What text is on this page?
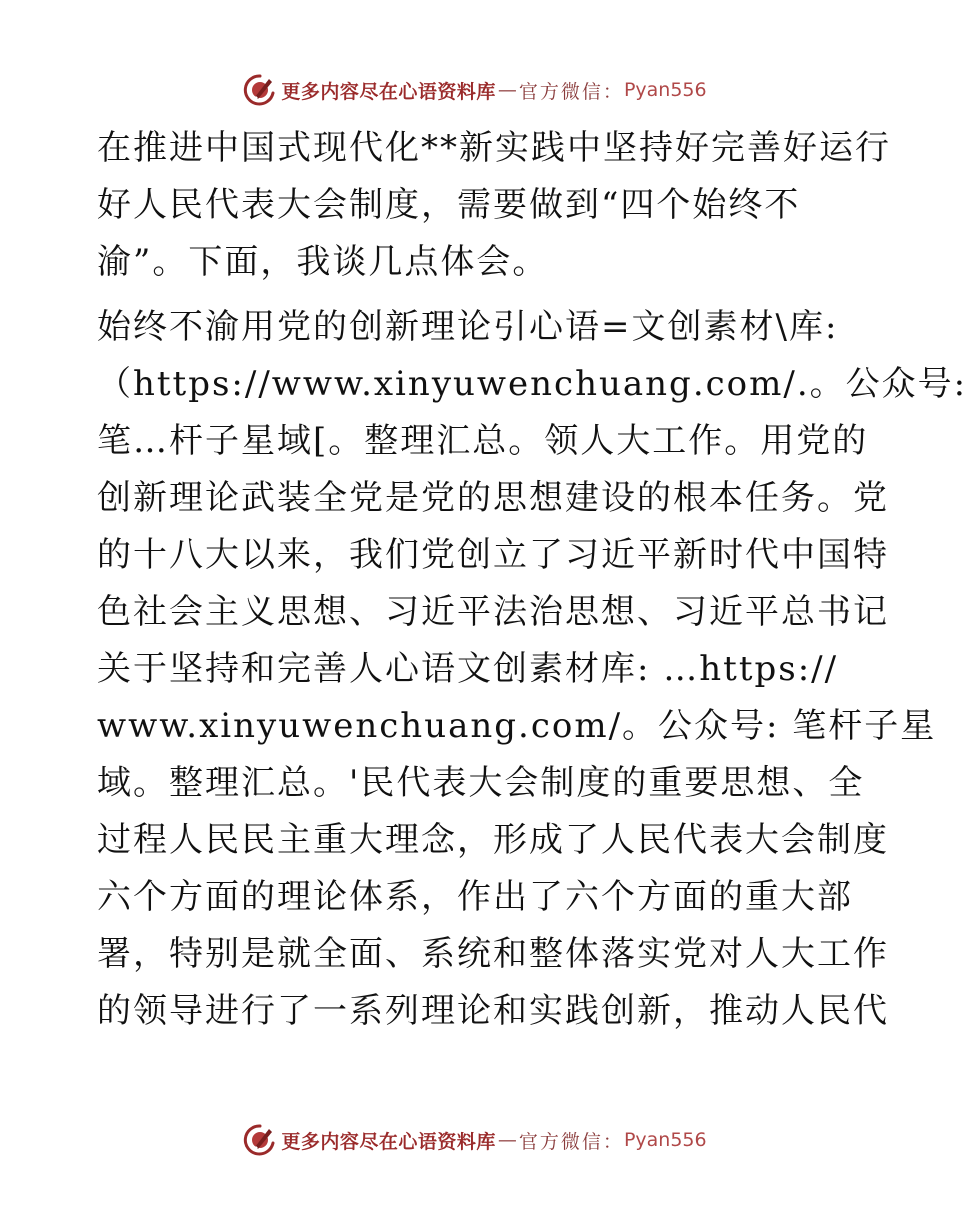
更多内容尽在心语资料库 — 官方微信： Pyan556

在推进中国式现代化**新实践中坚持好完善好运行
好人民代表大会制度，需要做到“四个始终不
渝”。下面，我谈几点体会。

始终不渝用党的创新理论引心语=文创素材\库:
（https://www.xinyuwenchuang.com/.。公众号:
笔…杆子星域[。整理汇总。领人大工作。用党的
创新理论武装全党是党的思想建设的根本任务。党
的十八大以来，我们党创立了习近平新时代中国特
色社会主义思想、习近平法治思想、习近平总书记
关于坚持和完善人心语文创素材库: …https://
www.xinyuwenchuang.com/。公众号: 笔杆子星
域。整理汇总。'民代表大会制度的重要思想、全
过程人民民主重大理念，形成了人民代表大会制度
六个方面的理论体系，作出了六个方面的重大部
署，特别是就全面、系统和整体落实党对人大工作
的领导进行了一系列理论和实践创新，推动人民代

更多内容尽在心语资料库 — 官方微信： Pyan556
